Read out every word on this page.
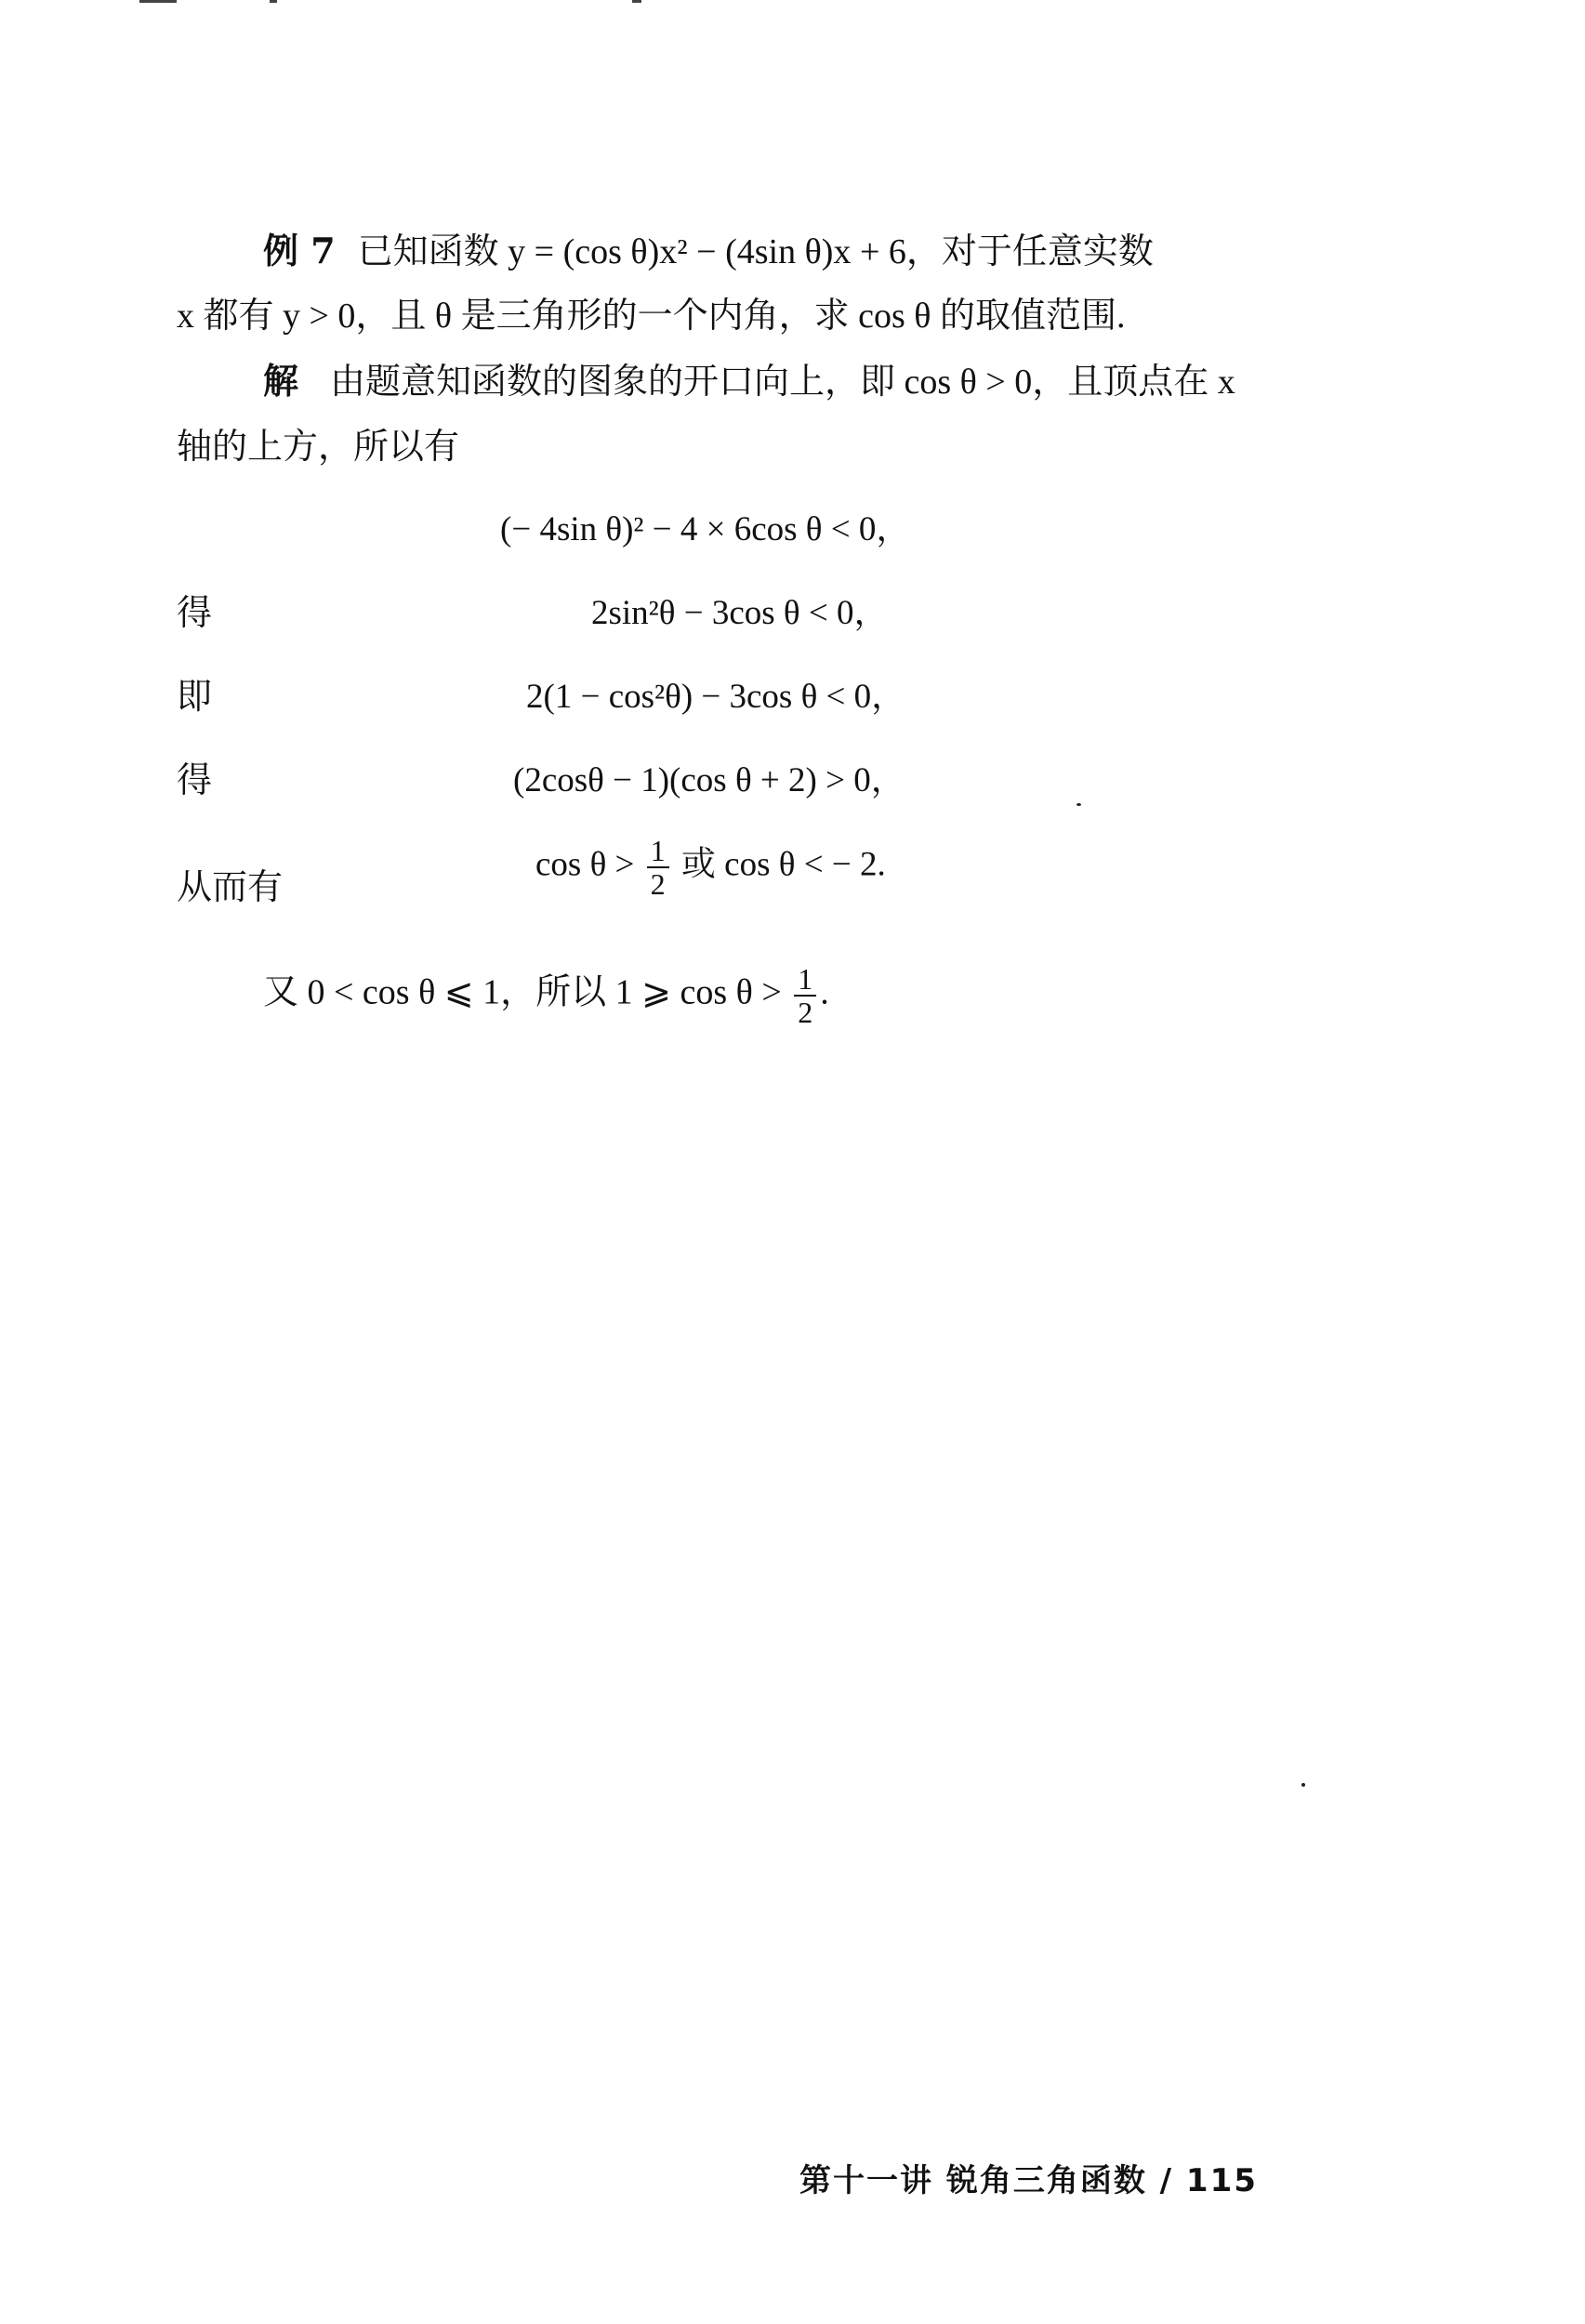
例 7 已知函数 y = (cos θ)x² − (4sin θ)x + 6，对于任意实数
x 都有 y > 0，且 θ 是三角形的一个内角，求 cos θ 的取值范围.
解 由题意知函数的图象的开口向上，即 cos θ > 0，且顶点在 x
轴的上方，所以有
(− 4sin θ)² − 4 × 6cos θ < 0，
得	2sin²θ − 3cos θ < 0，
即	2(1 − cos²θ) − 3cos θ < 0，
得	(2cosθ − 1)(cos θ + 2) > 0，
从而有
$\cos \theta > \frac{1}{2}$ 或 cos θ < − 2.
又 0 < cos θ ⩽ 1，所以 1 ⩾ $\cos \theta > \frac{1}{2}$ .
第十一讲 锐角三角函数 / 115
